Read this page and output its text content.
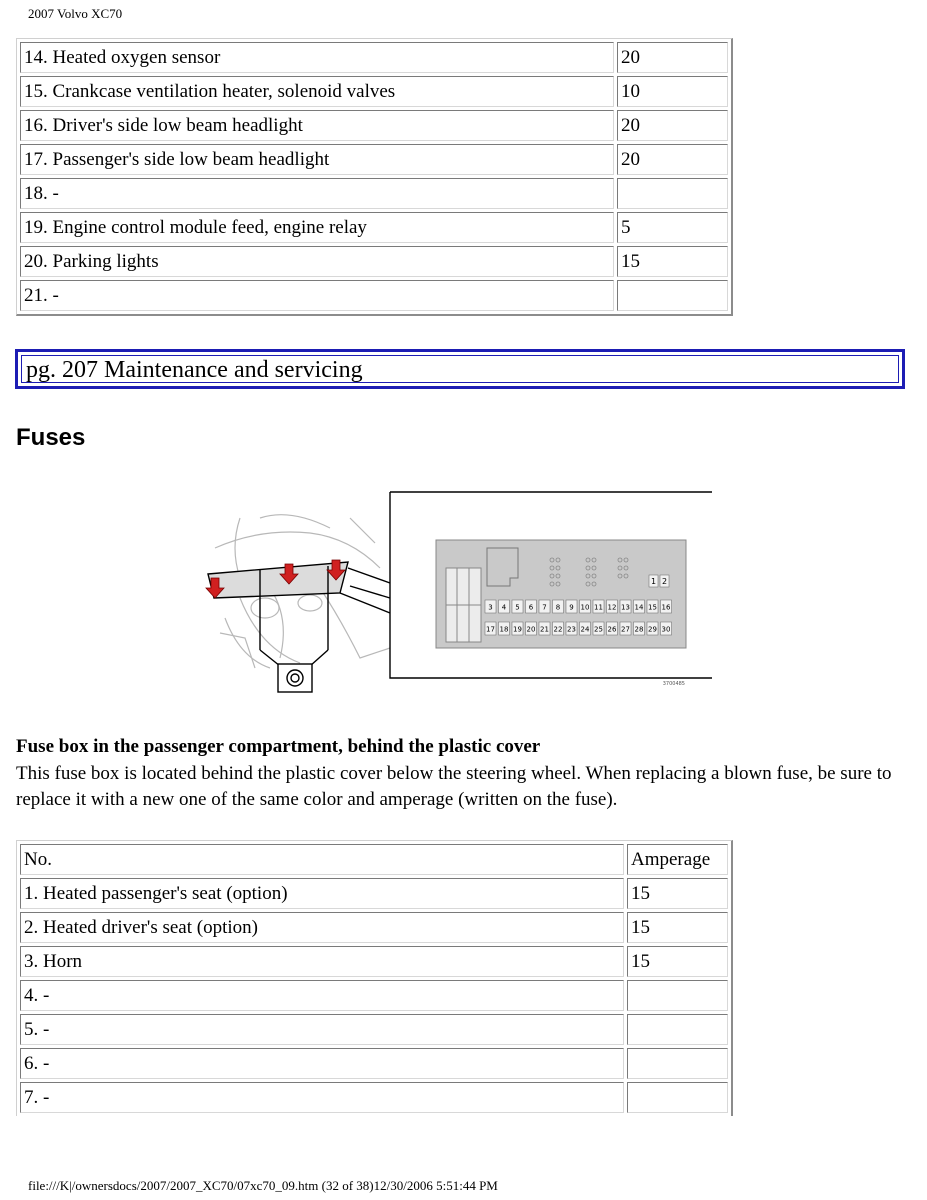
2007 Volvo XC70
14. Heated oxygen sensor	20
15. Crankcase ventilation heater, solenoid valves	10
16. Driver's side low beam headlight	20
17. Passenger's side low beam headlight	20
18. -	
19. Engine control module feed, engine relay	5
20. Parking lights	15
21. -	
pg. 207 Maintenance and servicing
Fuses
1 2
3 4 5 6 7 8 9 10 11 12 13 14 15 16
17 18 19 20 21 22 23 24 25 26 27 28 29 30
3700485
Fuse box in the passenger compartment, behind the plastic cover
This fuse box is located behind the plastic cover below the steering wheel. When replacing a blown fuse, be sure to replace it with a new one of the same color and amperage (written on the fuse).
No.	Amperage
1. Heated passenger's seat (option)	15
2. Heated driver's seat (option)	15
3. Horn	15
4. -	
5. -	
6. -	
7. -	
file:///K|/ownersdocs/2007/2007_XC70/07xc70_09.htm (32 of 38)12/30/2006 5:51:44 PM
